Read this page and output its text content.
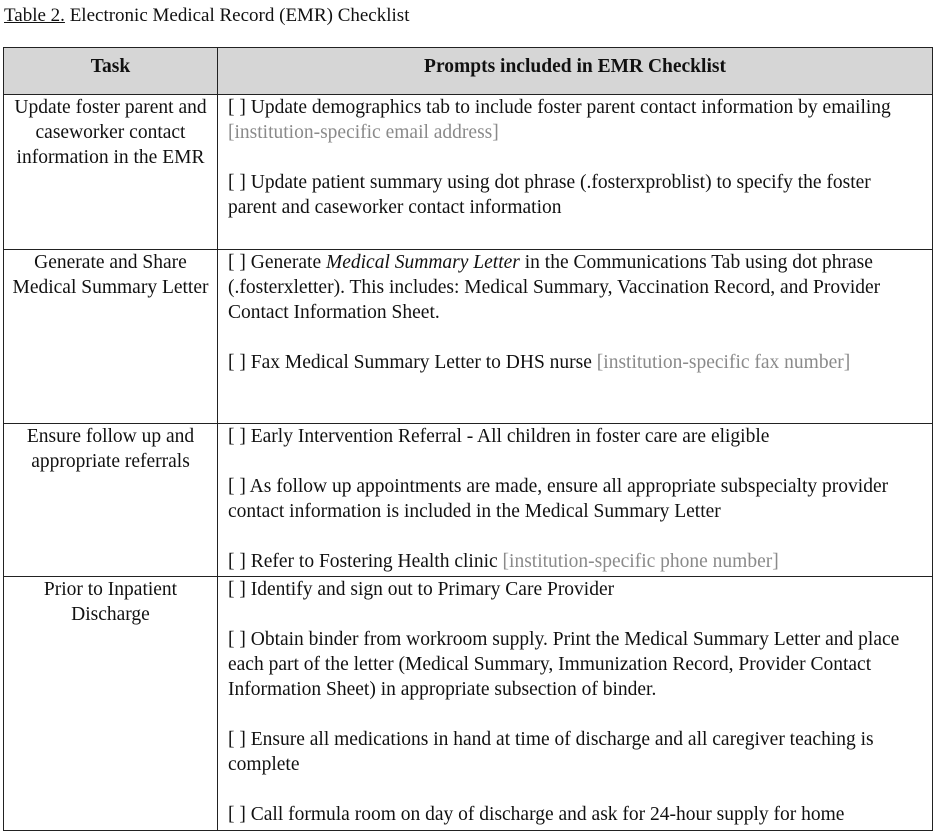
Table 2. Electronic Medical Record (EMR) Checklist
Task	Prompts included in EMR Checklist
Update foster parent and caseworker contact information in the EMR	[ ] Update demographics tab to include foster parent contact information by emailing [institution-specific email address]

[ ] Update patient summary using dot phrase (.fosterxproblist) to specify the foster parent and caseworker contact information

Generate and Share Medical Summary Letter	[ ] Generate Medical Summary Letter in the Communications Tab using dot phrase (.fosterxletter). This includes: Medical Summary, Vaccination Record, and Provider Contact Information Sheet.

[ ] Fax Medical Summary Letter to DHS nurse [institution-specific fax number]

Ensure follow up and appropriate referrals	[ ] Early Intervention Referral - All children in foster care are eligible

[ ] As follow up appointments are made, ensure all appropriate subspecialty provider contact information is included in the Medical Summary Letter

[ ] Refer to Fostering Health clinic [institution-specific phone number]

Prior to Inpatient Discharge	[ ] Identify and sign out to Primary Care Provider

[ ] Obtain binder from workroom supply. Print the Medical Summary Letter and place each part of the letter (Medical Summary, Immunization Record, Provider Contact Information Sheet) in appropriate subsection of binder.

[ ] Ensure all medications in hand at time of discharge and all caregiver teaching is complete

[ ] Call formula room on day of discharge and ask for 24-hour supply for home
